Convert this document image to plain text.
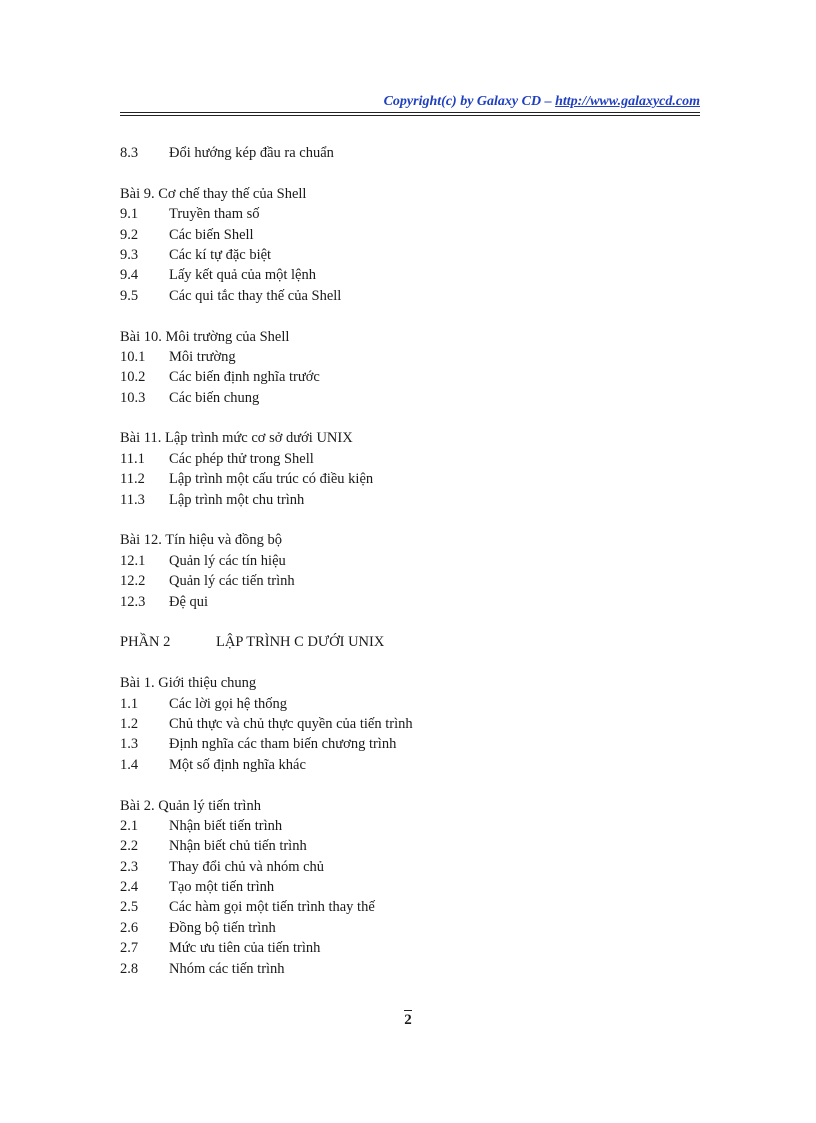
Copyright(c) by Galaxy CD – http://www.galaxycd.com
8.3	Đổi hướng kép đầu ra chuẩn
Bài 9. Cơ chế thay thế của Shell
9.1	Truyền tham số
9.2	Các biến Shell
9.3	Các kí tự đặc biệt
9.4	Lấy kết quả của một lệnh
9.5	Các qui tắc thay thế của Shell
Bài 10. Môi trường của Shell
10.1	Môi trường
10.2	Các biến định nghĩa trước
10.3	Các biến chung
Bài 11. Lập trình mức cơ sở dưới UNIX
11.1	Các phép thử trong Shell
11.2	Lập trình một cấu trúc có điều kiện
11.3	Lập trình một chu trình
Bài 12. Tín hiệu và đồng bộ
12.1	Quản lý các tín hiệu
12.2	Quản lý các tiến trình
12.3	Đệ qui
PHẦN 2	LẬP TRÌNH C DƯỚI UNIX
Bài 1. Giới thiệu chung
1.1	Các lời gọi hệ thống
1.2	Chủ thực và chủ thực quyền của tiến trình
1.3	Định nghĩa các tham biến chương trình
1.4	Một số định nghĩa khác
Bài 2. Quản lý tiến trình
2.1	Nhận biết tiến trình
2.2	Nhận biết chủ tiến trình
2.3	Thay đổi chủ và nhóm chủ
2.4	Tạo một tiến trình
2.5	Các hàm gọi một tiến trình thay thế
2.6	Đồng bộ tiến trình
2.7	Mức ưu tiên của tiến trình
2.8	Nhóm các tiến trình
2
